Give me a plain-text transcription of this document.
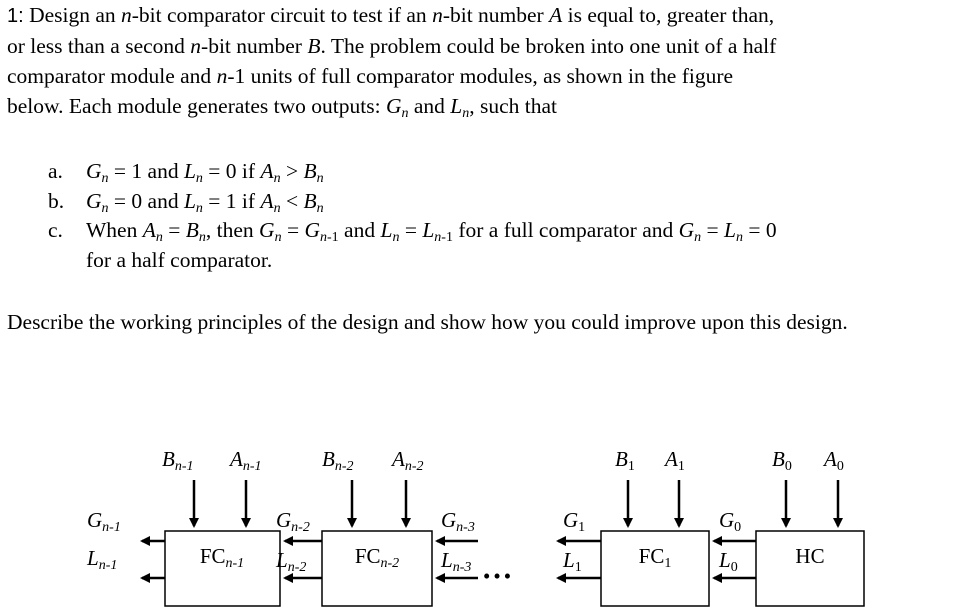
1: Design an n-bit comparator circuit to test if an n-bit number A is equal to, greater than,
or less than a second n-bit number B. The problem could be broken into one unit of a half
comparator module and n-1 units of full comparator modules, as shown in the figure
below. Each module generates two outputs: $G_n$ and $L_n$, such that

a. $G_n = 1$ and $L_n = 0$ if $A_n > B_n$
b. $G_n = 0$ and $L_n = 1$ if $A_n < B_n$
c. When $A_n = B_n$, then $G_n = G_{n-1}$ and $L_n = L_{n-1}$ for a full comparator and $G_n = L_n = 0$
for a half comparator.
Describe the working principles of the design and show how you could improve upon this design.
FCn-1	FCn-2	FC1	HC
Bn-1 An-1	Bn-2 An-2	B1 A1	B0 A0
Gn-1
Ln-1
Gn-2
Ln-2
Gn-3
Ln-3
G1
L1
G0
L0
•••
